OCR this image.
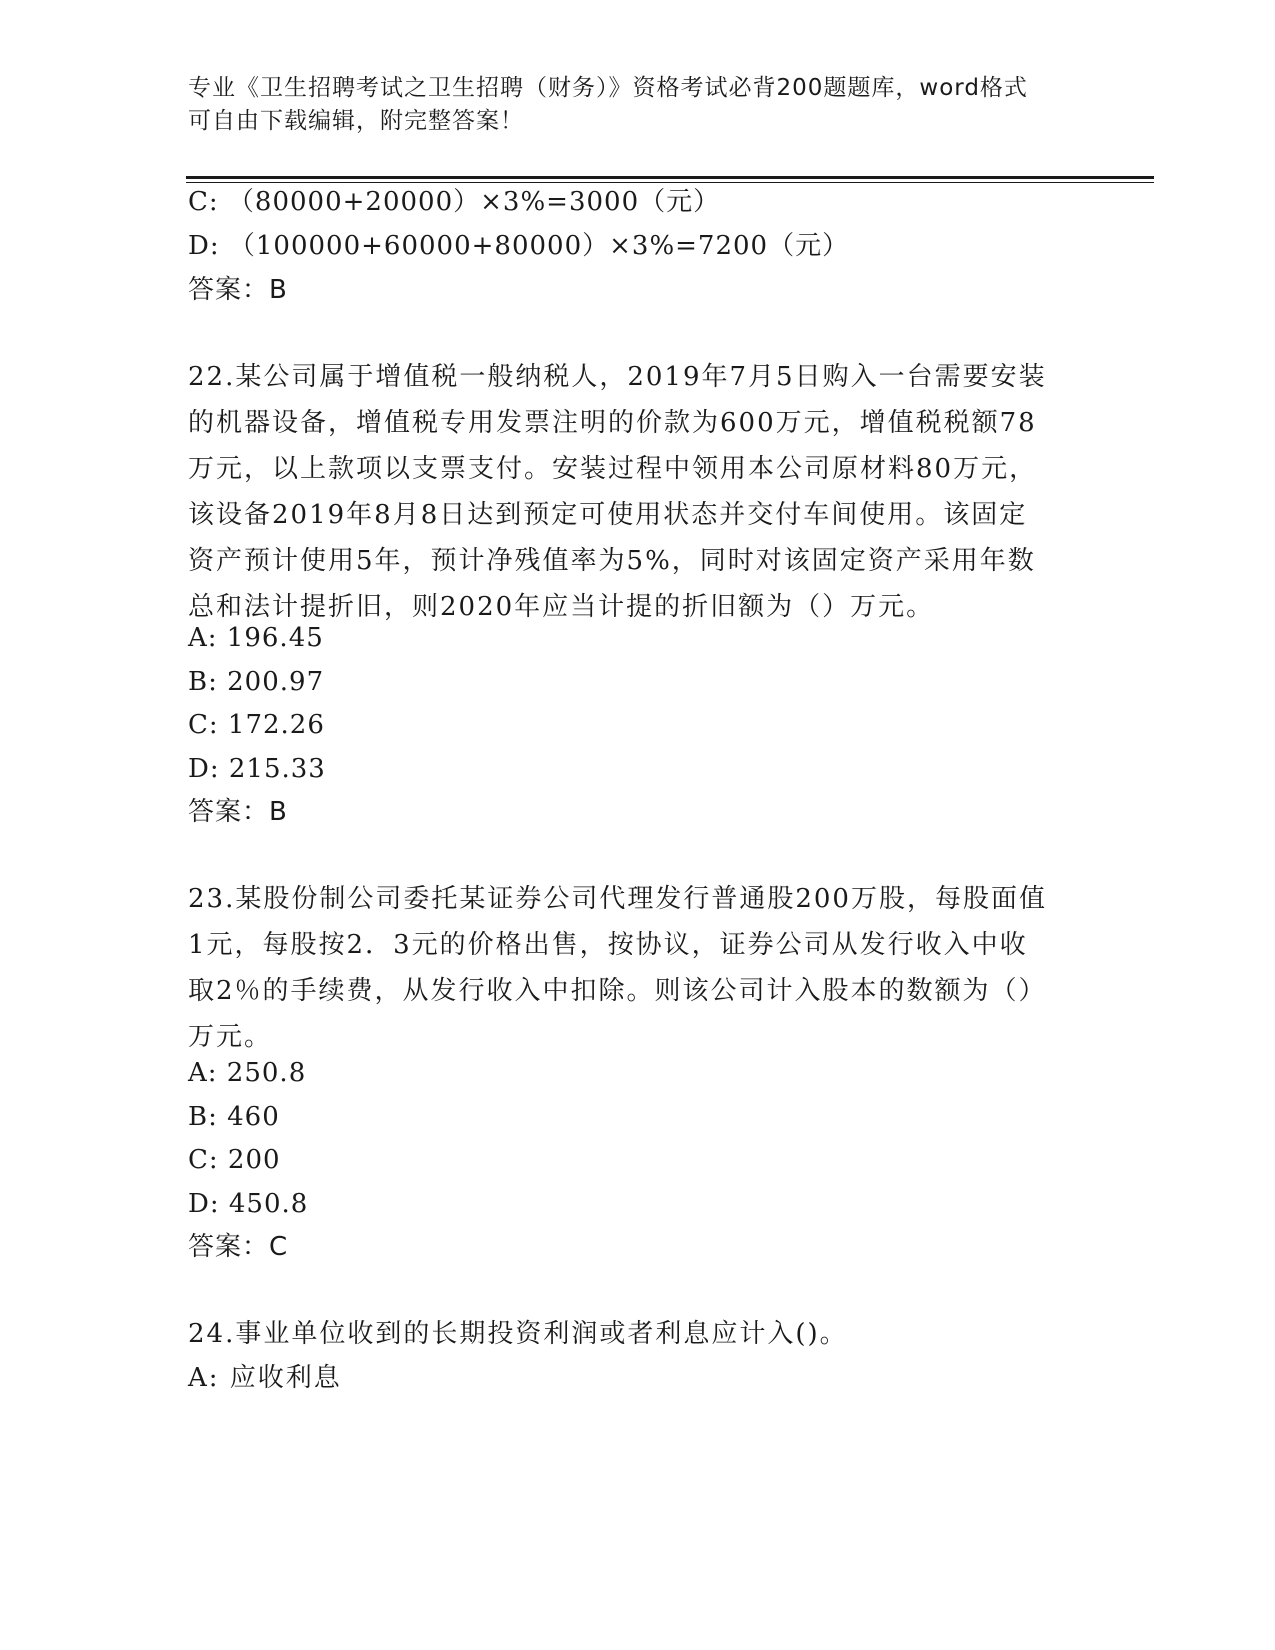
专业《卫生招聘考试之卫生招聘（财务）》资格考试必背200题题库，word格式
可自由下载编辑，附完整答案！
C: （80000+20000）×3%=3000（元）
D: （100000+60000+80000）×3%=7200（元）
答案：B
22.某公司属于增值税一般纳税人，2019年7月5日购入一台需要安装
的机器设备，增值税专用发票注明的价款为600万元，增值税税额78
万元，以上款项以支票支付。安装过程中领用本公司原材料80万元，
该设备2019年8月8日达到预定可使用状态并交付车间使用。该固定
资产预计使用5年，预计净残值率为5%，同时对该固定资产采用年数
总和法计提折旧，则2020年应当计提的折旧额为（）万元。
A: 196.45
B: 200.97
C: 172.26
D: 215.33
答案：B
23.某股份制公司委托某证券公司代理发行普通股200万股，每股面值
1元，每股按2．3元的价格出售，按协议，证券公司从发行收入中收
取2％的手续费，从发行收入中扣除。则该公司计入股本的数额为（）
万元。
A: 250.8
B: 460
C: 200
D: 450.8
答案：C
24.事业单位收到的长期投资利润或者利息应计入()。
A: 应收利息
